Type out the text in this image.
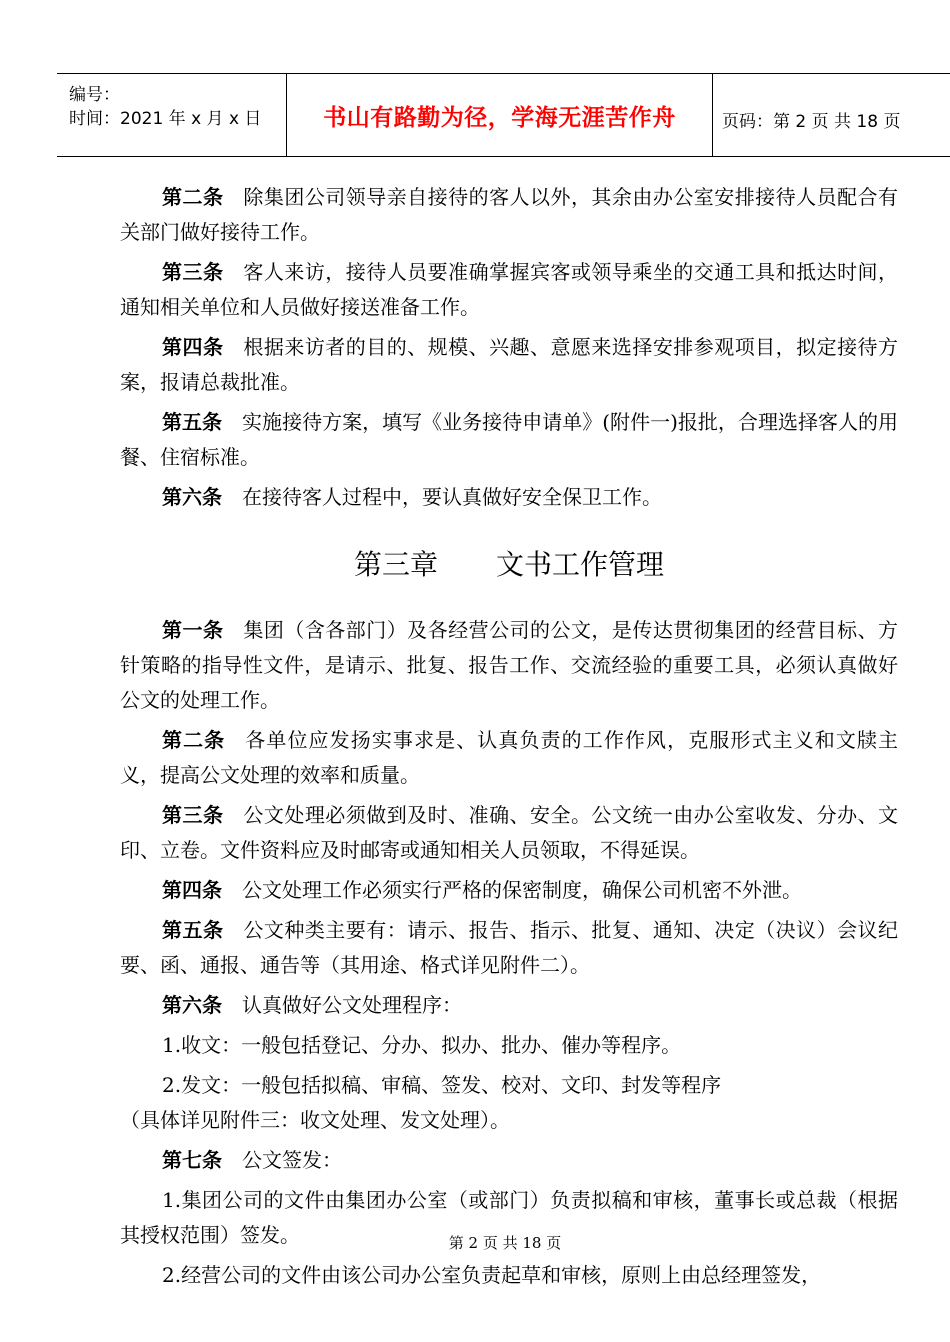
编号：
时间：2021 年 x 月 x 日	书山有路勤为径，学海无涯苦作舟	页码：第 2 页 共 18 页

第二条 除集团公司领导亲自接待的客人以外，其余由办公室安排接待人员配合有关部门做好接待工作。

第三条 客人来访，接待人员要准确掌握宾客或领导乘坐的交通工具和抵达时间，通知相关单位和人员做好接送准备工作。

第四条 根据来访者的目的、规模、兴趣、意愿来选择安排参观项目，拟定接待方案，报请总裁批准。

第五条 实施接待方案，填写《业务接待申请单》(附件一)报批，合理选择客人的用餐、住宿标准。

第六条 在接待客人过程中，要认真做好安全保卫工作。

第三章 文书工作管理

第一条 集团（含各部门）及各经营公司的公文，是传达贯彻集团的经营目标、方针策略的指导性文件，是请示、批复、报告工作、交流经验的重要工具，必须认真做好公文的处理工作。

第二条 各单位应发扬实事求是、认真负责的工作作风，克服形式主义和文牍主义，提高公文处理的效率和质量。

第三条 公文处理必须做到及时、准确、安全。公文统一由办公室收发、分办、文印、立卷。文件资料应及时邮寄或通知相关人员领取，不得延误。

第四条 公文处理工作必须实行严格的保密制度，确保公司机密不外泄。

第五条 公文种类主要有：请示、报告、指示、批复、通知、决定（决议）会议纪要、函、通报、通告等（其用途、格式详见附件二）。

第六条 认真做好公文处理程序：

1.收文：一般包括登记、分办、拟办、批办、催办等程序。

2.发文：一般包括拟稿、审稿、签发、校对、文印、封发等程序

（具体详见附件三：收文处理、发文处理）。

第七条 公文签发：

1.集团公司的文件由集团办公室（或部门）负责拟稿和审核，董事长或总裁（根据其授权范围）签发。

2.经营公司的文件由该公司办公室负责起草和审核，原则上由总经理签发，

第 2 页 共 18 页
